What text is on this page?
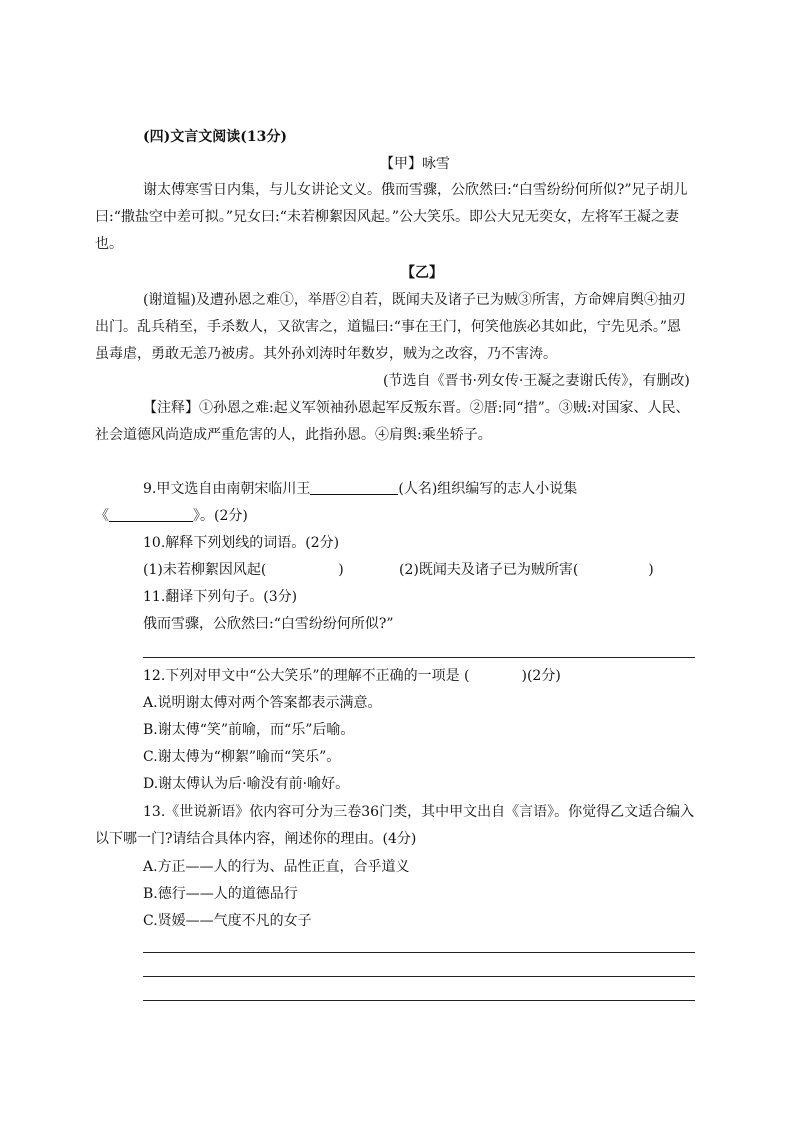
(四)文言文阅读(13分)
【甲】咏雪
谢太傅寒雪日内集，与儿女讲论文义。俄而雪骤，公欣然曰:“白雪纷纷何所似?”兄子胡儿
曰:“撒盐空中差可拟。”兄女曰:“未若柳絮因风起。”公大笑乐。即公大兄无奕女，左将军王凝之妻
也。
【乙】
(谢道韫)及遭孙恩之难①，举厝②自若，既闻夫及诸子已为贼③所害，方命婢肩舆④抽刃
出门。乱兵稍至，手杀数人，又欲害之，道韫曰:“事在王门，何笑他族必其如此，宁先见杀。”恩
虽毒虐，勇敢无恙乃被虏。其外孙刘涛时年数岁，贼为之改容，乃不害涛。
(节选自《晋书·列女传·王凝之妻谢氏传》，有删改)
【注释】①孙恩之难:起义军领袖孙恩起军反叛东晋。②厝:同“措”。③贼:对国家、人民、
社会道德风尚造成严重危害的人，此指孙恩。④肩舆:乘坐轿子。
9.甲文选自由南朝宋临川王	(人名)组织编写的志人小说集
《	》。(2分)
10.解释下列划线的词语。(2分)
(1)未若柳絮因风起(	)	(2)既闻夫及诸子已为贼所害(	)
11.翻译下列句子。(3分)
俄而雪骤，公欣然曰:“白雪纷纷何所似?”
12.下列对甲文中“公大笑乐”的理解不正确的一项是 (	)(2分)
A.说明谢太傅对两个答案都表示满意。
B.谢太傅“笑”前喻，而“乐”后喻。
C.谢太傅为“柳絮”喻而“笑乐”。
D.谢太傅认为后·喻没有前·喻好。
13.《世说新语》依内容可分为三卷36门类，其中甲文出自《言语》。你觉得乙文适合编入
以下哪一门?请结合具体内容，阐述你的理由。(4分)
A.方正——人的行为、品性正直，合乎道义
B.德行——人的道德品行
C.贤媛——气度不凡的女子
